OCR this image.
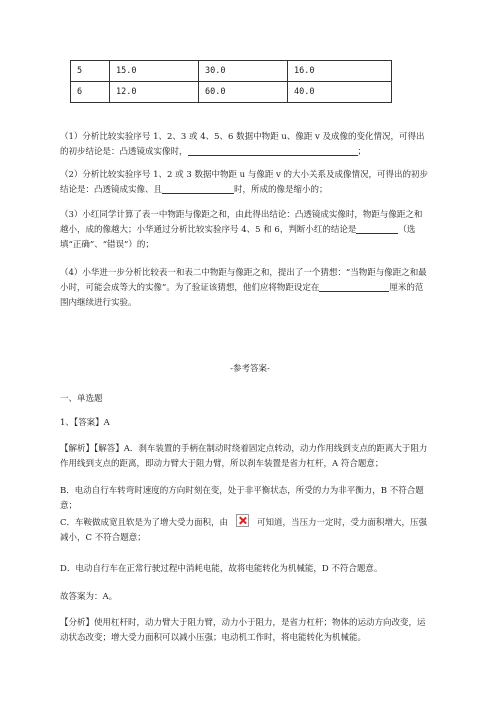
5	15.0	30.0	16.0
6	12.0	60.0	40.0
（1）分析比较实验序号 1、2、3 或 4、5、6 数据中物距 u、像距 v 及成像的变化情况，可得出的初步结论是：凸透镜成实像时，	；
（2）分析比较实验序号 1、2 或 3 数据中物距 u 与像距 v 的大小关系及成像情况，可得出的初步结论是：凸透镜成实像、且	时，所成的像是缩小的；
（3）小红同学计算了表一中物距与像距之和，由此得出结论：凸透镜成实像时，物距与像距之和越小，成的像越大；小华通过分析比较实验序号 4、5 和 6，判断小红的结论是	（选填“正确”、“错误”）的；
（4）小华进一步分析比较表一和表二中物距与像距之和，提出了一个猜想：“当物距与像距之和最小时，可能会成等大的实像”。为了验证该猜想，他们应将物距设定在	厘米的范围内继续进行实验。
-参考答案-
一、单选题
1、【答案】A
【解析】【解答】A．刹车装置的手柄在制动时绕着固定点转动，动力作用线到支点的距离大于阻力作用线到支点的距离，即动力臂大于阻力臂，所以刹车装置是省力杠杆，A 符合题意；
B．电动自行车转弯时速度的方向时刻在变，处于非平衡状态，所受的力为非平衡力，B 不符合题意；
C．车鞍做成宽且软是为了增大受力面积，由	可知道，当压力一定时，受力面积增大，压强减小，C 不符合题意；
D．电动自行车在正常行驶过程中消耗电能，故将电能转化为机械能，D 不符合题意。
故答案为：A。
【分析】使用杠杆时，动力臂大于阻力臂，动力小于阻力，是省力杠杆；物体的运动方向改变，运动状态改变；增大受力面积可以减小压强；电动机工作时，将电能转化为机械能。
